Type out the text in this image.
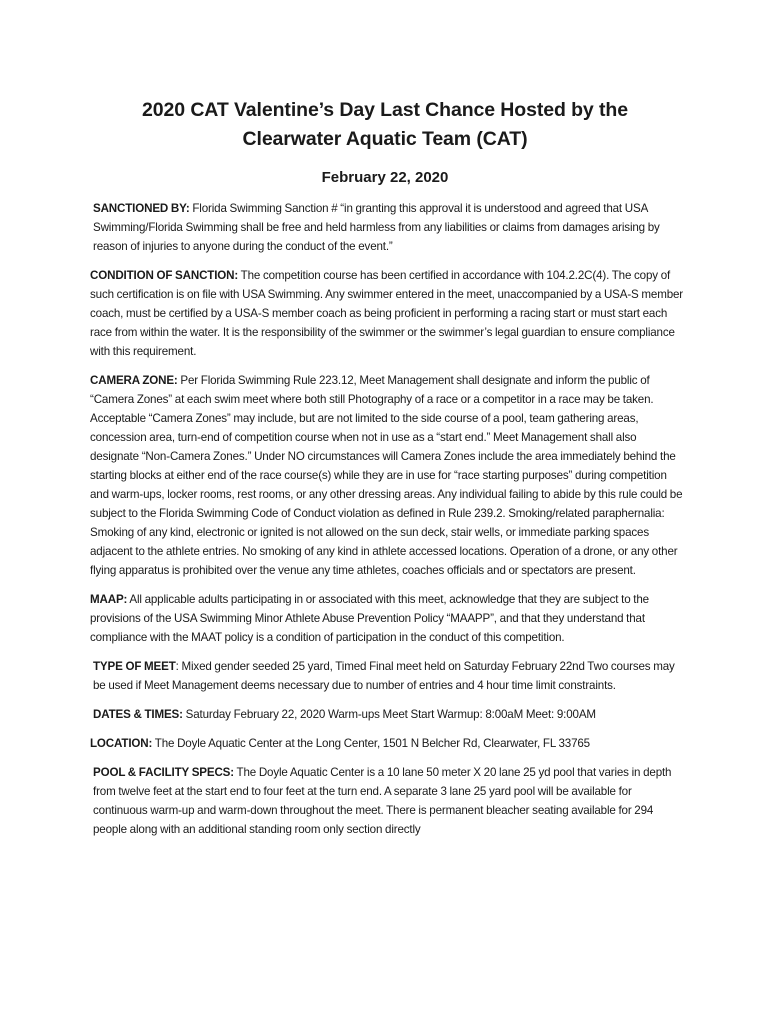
2020 CAT Valentine’s Day Last Chance Hosted by the
Clearwater Aquatic Team (CAT)

February 22, 2020

SANCTIONED BY: Florida Swimming Sanction # “in granting this approval it is understood and agreed that USA Swimming/Florida Swimming shall be free and held harmless from any liabilities or claims from damages arising by reason of injuries to anyone during the conduct of the event.”

CONDITION OF SANCTION: The competition course has been certified in accordance with 104.2.2C(4). The copy of such certification is on file with USA Swimming. Any swimmer entered in the meet, unaccompanied by a USA-S member coach, must be certified by a USA-S member coach as being proficient in performing a racing start or must start each race from within the water. It is the responsibility of the swimmer or the swimmer’s legal guardian to ensure compliance with this requirement.

CAMERA ZONE: Per Florida Swimming Rule 223.12, Meet Management shall designate and inform the public of “Camera Zones” at each swim meet where both still Photography of a race or a competitor in a race may be taken. Acceptable “Camera Zones” may include, but are not limited to the side course of a pool, team gathering areas, concession area, turn-end of competition course when not in use as a “start end.” Meet Management shall also designate “Non-Camera Zones.” Under NO circumstances will Camera Zones include the area immediately behind the starting blocks at either end of the race course(s) while they are in use for “race starting purposes” during competition and warm-ups, locker rooms, rest rooms, or any other dressing areas. Any individual failing to abide by this rule could be subject to the Florida Swimming Code of Conduct violation as defined in Rule 239.2. Smoking/related paraphernalia: Smoking of any kind, electronic or ignited is not allowed on the sun deck, stair wells, or immediate parking spaces adjacent to the athlete entries. No smoking of any kind in athlete accessed locations. Operation of a drone, or any other flying apparatus is prohibited over the venue any time athletes, coaches officials and or spectators are present.

MAAP: All applicable adults participating in or associated with this meet, acknowledge that they are subject to the provisions of the USA Swimming Minor Athlete Abuse Prevention Policy “MAAPP”, and that they understand that compliance with the MAAT policy is a condition of participation in the conduct of this competition.

TYPE OF MEET: Mixed gender seeded 25 yard, Timed Final meet held on Saturday February 22nd Two courses may be used if Meet Management deems necessary due to number of entries and 4 hour time limit constraints.

DATES & TIMES: Saturday February 22, 2020 Warm-ups Meet Start Warmup: 8:00aM Meet: 9:00AM

LOCATION: The Doyle Aquatic Center at the Long Center, 1501 N Belcher Rd, Clearwater, FL 33765

POOL & FACILITY SPECS: The Doyle Aquatic Center is a 10 lane 50 meter X 20 lane 25 yd pool that varies in depth from twelve feet at the start end to four feet at the turn end. A separate 3 lane 25 yard pool will be available for continuous warm-up and warm-down throughout the meet. There is permanent bleacher seating available for 294 people along with an additional standing room only section directly
